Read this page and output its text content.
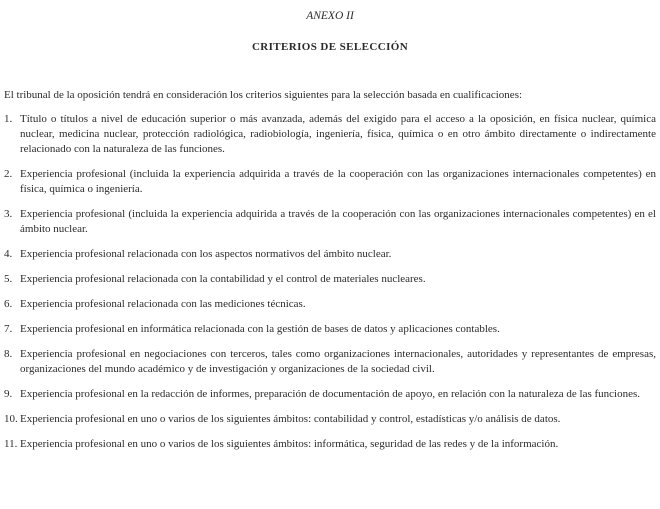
ANEXO II

CRITERIOS DE SELECCIÓN

El tribunal de la oposición tendrá en consideración los criterios siguientes para la selección basada en cualificaciones:

1. Título o títulos a nivel de educación superior o más avanzada, además del exigido para el acceso a la oposición, en física nuclear, química nuclear, medicina nuclear, protección radiológica, radiobiología, ingeniería, física, química o en otro ámbito directamente o indirectamente relacionado con la naturaleza de las funciones.
2. Experiencia profesional (incluida la experiencia adquirida a través de la cooperación con las organizaciones internacionales competentes) en física, química o ingeniería.
3. Experiencia profesional (incluida la experiencia adquirida a través de la cooperación con las organizaciones internacionales competentes) en el ámbito nuclear.
4. Experiencia profesional relacionada con los aspectos normativos del ámbito nuclear.
5. Experiencia profesional relacionada con la contabilidad y el control de materiales nucleares.
6. Experiencia profesional relacionada con las mediciones técnicas.
7. Experiencia profesional en informática relacionada con la gestión de bases de datos y aplicaciones contables.
8. Experiencia profesional en negociaciones con terceros, tales como organizaciones internacionales, autoridades y representantes de empresas, organizaciones del mundo académico y de investigación y organizaciones de la sociedad civil.
9. Experiencia profesional en la redacción de informes, preparación de documentación de apoyo, en relación con la naturaleza de las funciones.
10. Experiencia profesional en uno o varios de los siguientes ámbitos: contabilidad y control, estadísticas y/o análisis de datos.
11. Experiencia profesional en uno o varios de los siguientes ámbitos: informática, seguridad de las redes y de la información.
